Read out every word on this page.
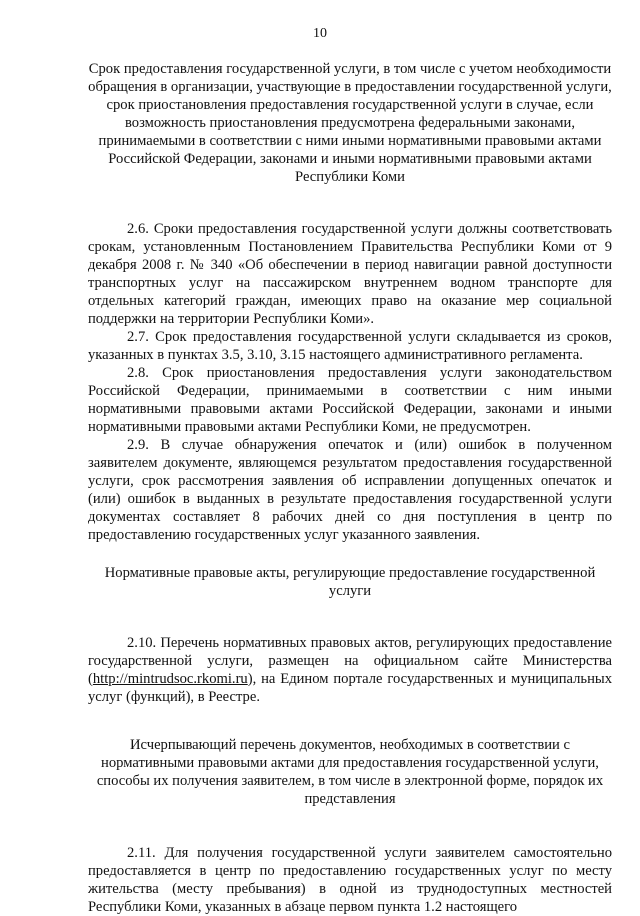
10

Срок предоставления государственной услуги, в том числе с учетом необходимости обращения в организации, участвующие в предоставлении государственной услуги, срок приостановления предоставления государственной услуги в случае, если возможность приостановления предусмотрена федеральными законами, принимаемыми в соответствии с ними иными нормативными правовыми актами Российской Федерации, законами и иными нормативными правовыми актами Республики Коми

2.6. Сроки предоставления государственной услуги должны соответствовать срокам, установленным Постановлением Правительства Республики Коми от 9 декабря 2008 г. № 340 «Об обеспечении в период навигации равной доступности транспортных услуг на пассажирском внутреннем водном транспорте для отдельных категорий граждан, имеющих право на оказание мер социальной поддержки на территории Республики Коми».

2.7. Срок предоставления государственной услуги складывается из сроков, указанных в пунктах 3.5, 3.10, 3.15 настоящего административного регламента.

2.8. Срок приостановления предоставления услуги законодательством Российской Федерации, принимаемыми в соответствии с ним иными нормативными правовыми актами Российской Федерации, законами и иными нормативными правовыми актами Республики Коми, не предусмотрен.

2.9. В случае обнаружения опечаток и (или) ошибок в полученном заявителем документе, являющемся результатом предоставления государственной услуги, срок рассмотрения заявления об исправлении допущенных опечаток и (или) ошибок в выданных в результате предоставления государственной услуги документах составляет 8 рабочих дней со дня поступления в центр по предоставлению государственных услуг указанного заявления.

Нормативные правовые акты, регулирующие предоставление государственной услуги

2.10. Перечень нормативных правовых актов, регулирующих предоставление государственной услуги, размещен на официальном сайте Министерства (http://mintrudsoc.rkomi.ru), на Едином портале государственных и муниципальных услуг (функций), в Реестре.

Исчерпывающий перечень документов, необходимых в соответствии с нормативными правовыми актами для предоставления государственной услуги, способы их получения заявителем, в том числе в электронной форме, порядок их представления

2.11. Для получения государственной услуги заявителем самостоятельно предоставляется в центр по предоставлению государственных услуг по месту жительства (месту пребывания) в одной из труднодоступных местностей Республики Коми, указанных в абзаце первом пункта 1.2 настоящего
